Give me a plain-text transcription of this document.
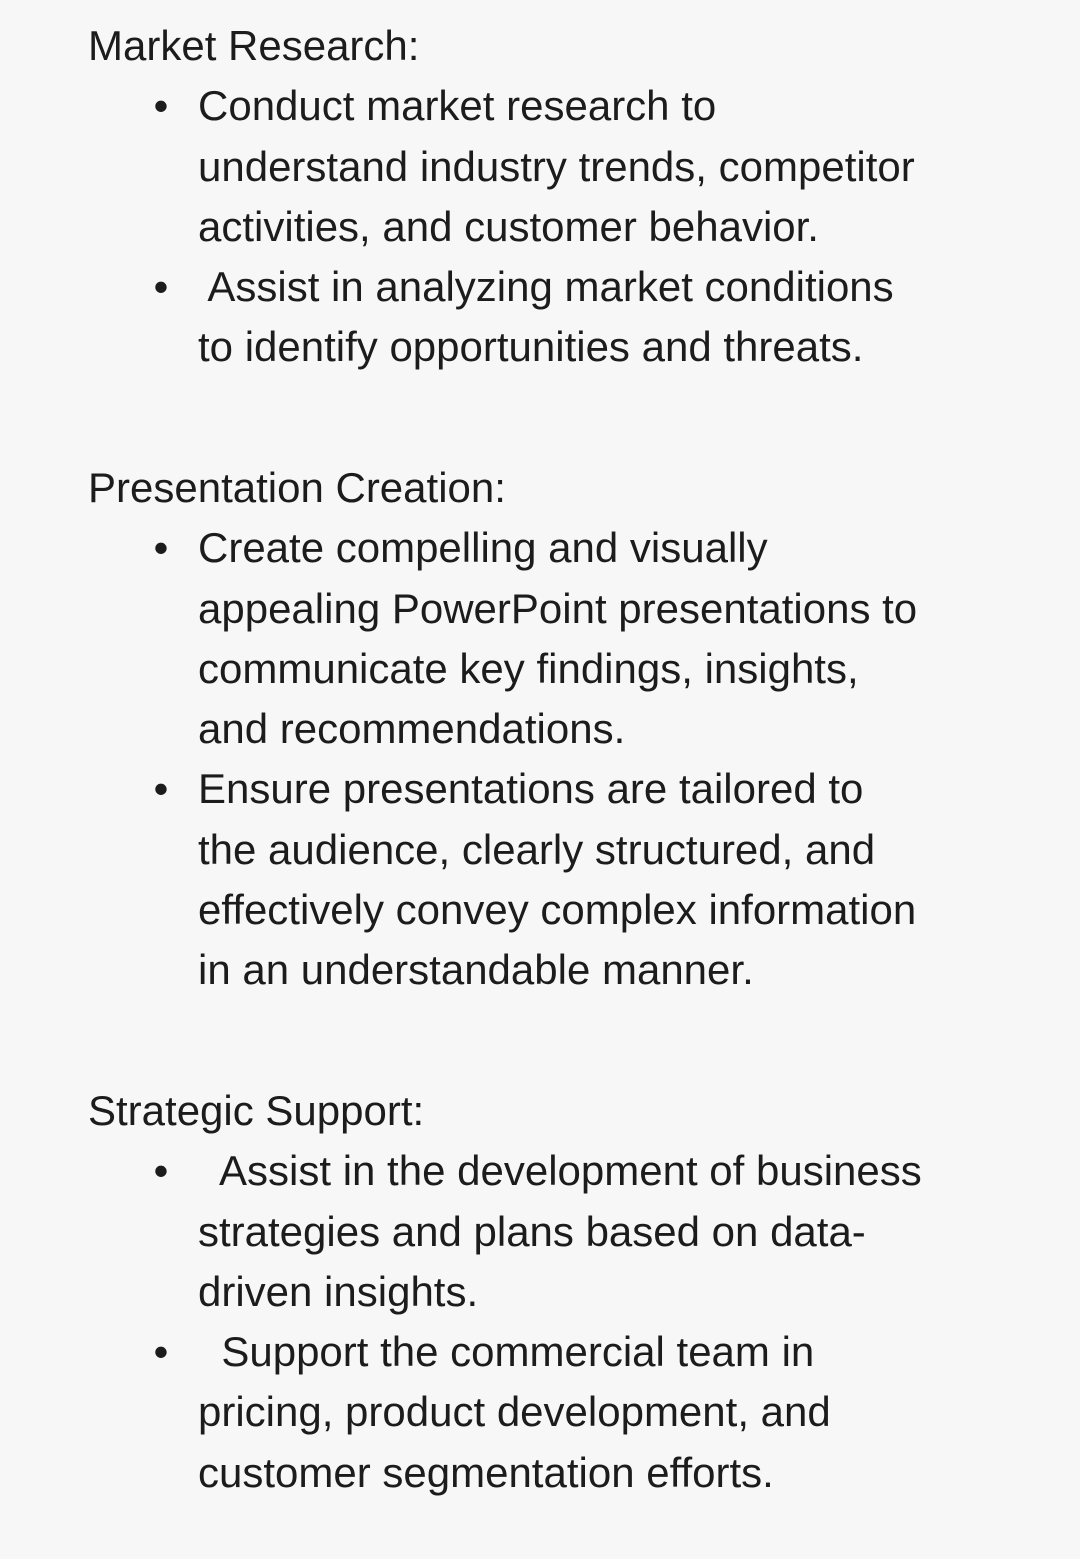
Market Research:
• Conduct market research to
understand industry trends, competitor
activities, and customer behavior.
• Assist in analyzing market conditions
to identify opportunities and threats.
Presentation Creation:
• Create compelling and visually
appealing PowerPoint presentations to
communicate key findings, insights,
and recommendations.
• Ensure presentations are tailored to
the audience, clearly structured, and
effectively convey complex information
in an understandable manner.
Strategic Support:
• Assist in the development of business
strategies and plans based on data-
driven insights.
• Support the commercial team in
pricing, product development, and
customer segmentation efforts.
